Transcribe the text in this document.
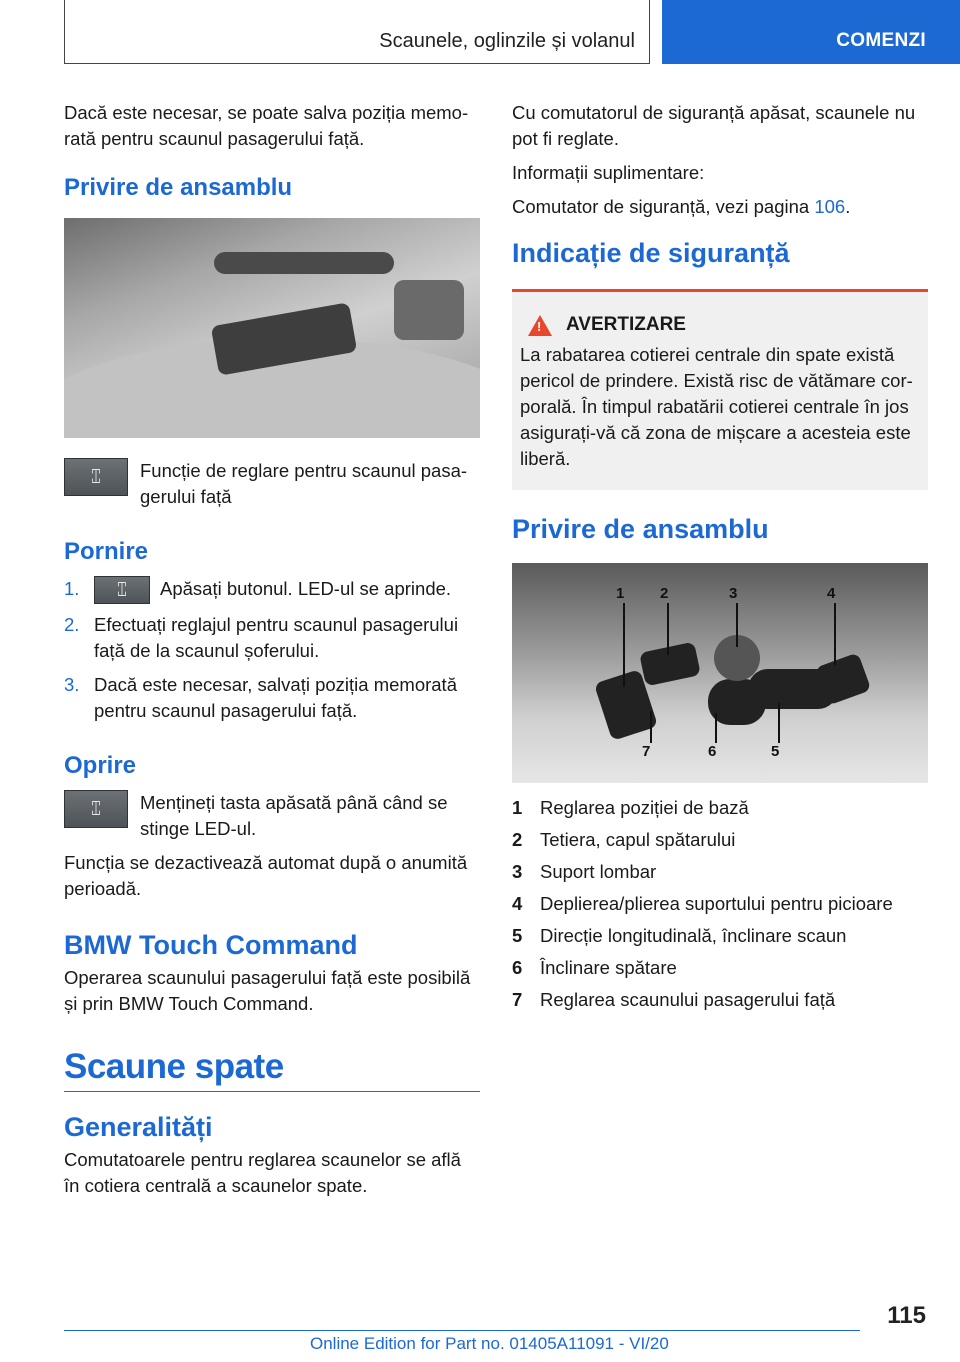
Scaunele, oglinzile și volanul	COMENZI

Dacă este necesar, se poate salva poziția memo-rată pentru scaunul pasagerului față.

Privire de ansamblu
⑄	Funcție de reglare pentru scaunul pasa-gerului față

Pornire
1.	⑄	Apăsați butonul. LED-ul se aprinde.
2. Efectuați reglajul pentru scaunul pasagerului față de la scaunul șoferului.
3. Dacă este necesar, salvați poziția memorată pentru scaunul pasagerului față.
Oprire
⑄	Mențineți tasta apăsată până când se stinge LED-ul.

Funcția se dezactivează automat după o anumită perioadă.

BMW Touch Command

Operarea scaunului pasagerului față este posibilă și prin BMW Touch Command.

Scaune spate
Generalități

Comutatoarele pentru reglarea scaunelor se află în cotiera centrală a scaunelor spate.

Cu comutatorul de siguranță apăsat, scaunele nu pot fi reglate.

Informații suplimentare:

Comutator de siguranță, vezi pagina 106.

Indicație de siguranță
!
AVERTIZARE

La rabatarea cotierei centrale din spate există pericol de prindere. Există risc de vătămare cor-porală. În timpul rabatării cotierei centrale în jos asigurați-vă că zona de mișcare a acesteia este liberă.

Privire de ansamblu
1 2	3	4
7	6	5
1 Reglarea poziției de bază
2 Tetiera, capul spătarului
3 Suport lombar
4 Deplierea/plierea suportului pentru picioare
5 Direcție longitudinală, înclinare scaun
6 Înclinare spătare
7 Reglarea scaunului pasagerului față
115
Online Edition for Part no. 01405A11091 - VI/20
